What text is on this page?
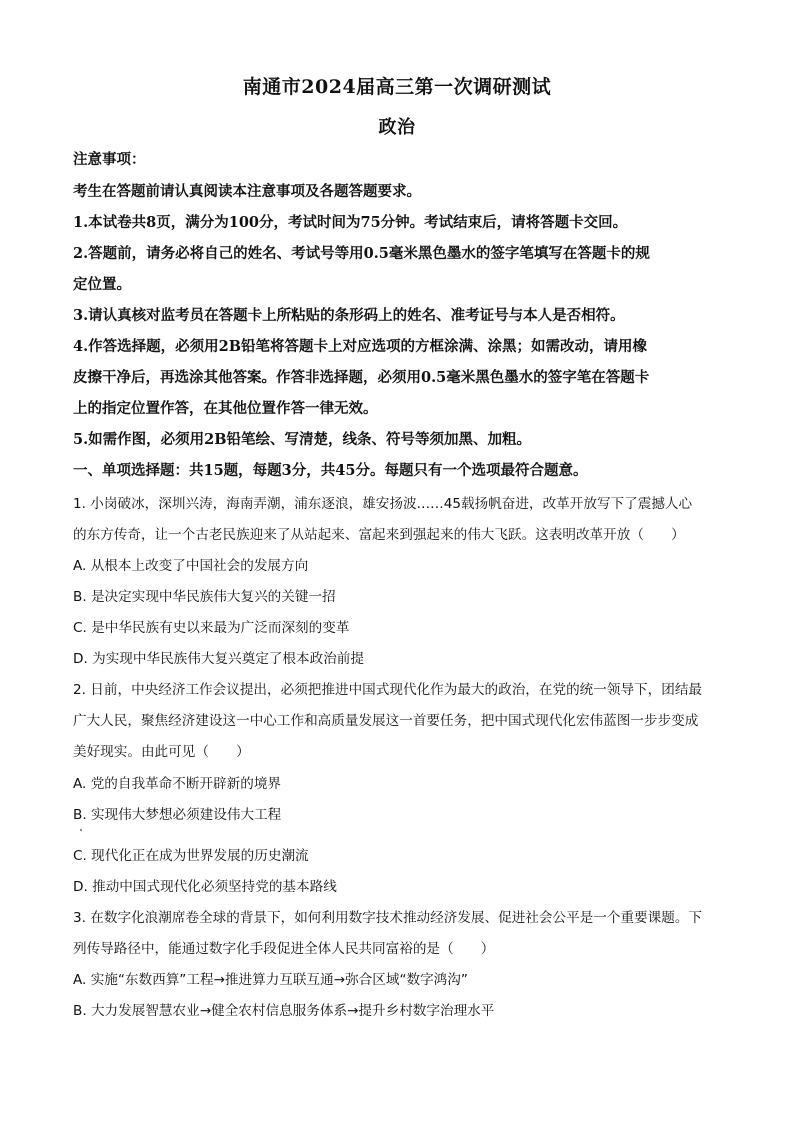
南通市2024届高三第一次调研测试
政治
注意事项：
考生在答题前请认真阅读本注意事项及各题答题要求。
1.本试卷共8页，满分为100分，考试时间为75分钟。考试结束后，请将答题卡交回。
2.答题前，请务必将自己的姓名、考试号等用0.5毫米黑色墨水的签字笔填写在答题卡的规
定位置。
3.请认真核对监考员在答题卡上所粘贴的条形码上的姓名、准考证号与本人是否相符。
4.作答选择题，必须用2B铅笔将答题卡上对应选项的方框涂满、涂黑；如需改动，请用橡
皮擦干净后，再选涂其他答案。作答非选择题，必须用0.5毫米黑色墨水的签字笔在答题卡
上的指定位置作答，在其他位置作答一律无效。
5.如需作图，必须用2B铅笔绘、写清楚，线条、符号等须加黑、加粗。
一、单项选择题：共15题，每题3分，共45分。每题只有一个选项最符合题意。
1. 小岗破冰，深圳兴涛，海南弄潮，浦东逐浪，雄安扬波……45载扬帆奋进，改革开放写下了震撼人心
的东方传奇，让一个古老民族迎来了从站起来、富起来到强起来的伟大飞跃。这表明改革开放（　　）
A. 从根本上改变了中国社会的发展方向
B. 是决定实现中华民族伟大复兴的关键一招
C. 是中华民族有史以来最为广泛而深刻的变革
D. 为实现中华民族伟大复兴奠定了根本政治前提
2. 日前，中央经济工作会议提出，必须把推进中国式现代化作为最大的政治，在党的统一领导下，团结最
广大人民，聚焦经济建设这一中心工作和高质量发展这一首要任务，把中国式现代化宏伟蓝图一步步变成
美好现实。由此可见（　　）
A. 党的自我革命不断开辟新的境界
B. 实现伟大梦想必须建设伟大工程
C. 现代化正在成为世界发展的历史潮流
D. 推动中国式现代化必须坚持党的基本路线
3. 在数字化浪潮席卷全球的背景下，如何利用数字技术推动经济发展、促进社会公平是一个重要课题。下
列传导路径中，能通过数字化手段促进全体人民共同富裕的是（　　）
A. 实施“东数西算”工程→推进算力互联互通→弥合区域“数字鸿沟”
B. 大力发展智慧农业→健全农村信息服务体系→提升乡村数字治理水平
